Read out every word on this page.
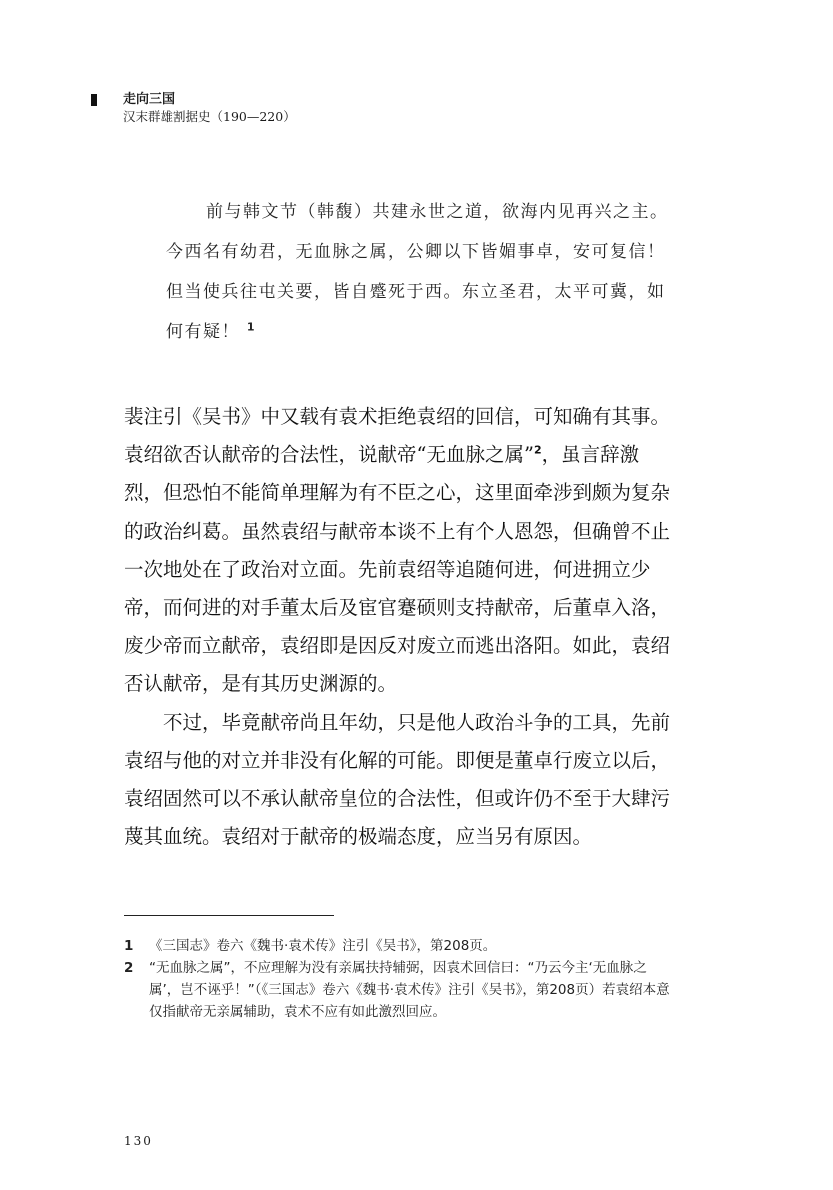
走向三国
汉末群雄割据史（190—220）

前与韩文节（韩馥）共建永世之道，欲海内见再兴之主。今西名有幼君，无血脉之属，公卿以下皆媚事卓，安可复信！但当使兵往屯关要，皆自蹙死于西。东立圣君，太平可冀，如何有疑！ $^1$

裴注引《吴书》中又载有袁术拒绝袁绍的回信，可知确有其事。袁绍欲否认献帝的合法性，说献帝“无血脉之属”$^2$，虽言辞激烈，但恐怕不能简单理解为有不臣之心，这里面牵涉到颇为复杂的政治纠葛。虽然袁绍与献帝本谈不上有个人恩怨，但确曾不止一次地处在了政治对立面。先前袁绍等追随何进，何进拥立少帝，而何进的对手董太后及宦官蹇硕则支持献帝，后董卓入洛，废少帝而立献帝，袁绍即是因反对废立而逃出洛阳。如此，袁绍否认献帝，是有其历史渊源的。

不过，毕竟献帝尚且年幼，只是他人政治斗争的工具，先前袁绍与他的对立并非没有化解的可能。即便是董卓行废立以后，袁绍固然可以不承认献帝皇位的合法性，但或许仍不至于大肆污蔑其血统。袁绍对于献帝的极端态度，应当另有原因。

1 《三国志》卷六《魏书·袁术传》注引《吴书》，第208页。

2 “无血脉之属”，不应理解为没有亲属扶持辅弼，因袁术回信曰：“乃云今主‘无血脉之属’，岂不诬乎！”（《三国志》卷六《魏书·袁术传》注引《吴书》，第208页）若袁绍本意仅指献帝无亲属辅助，袁术不应有如此激烈回应。

130
